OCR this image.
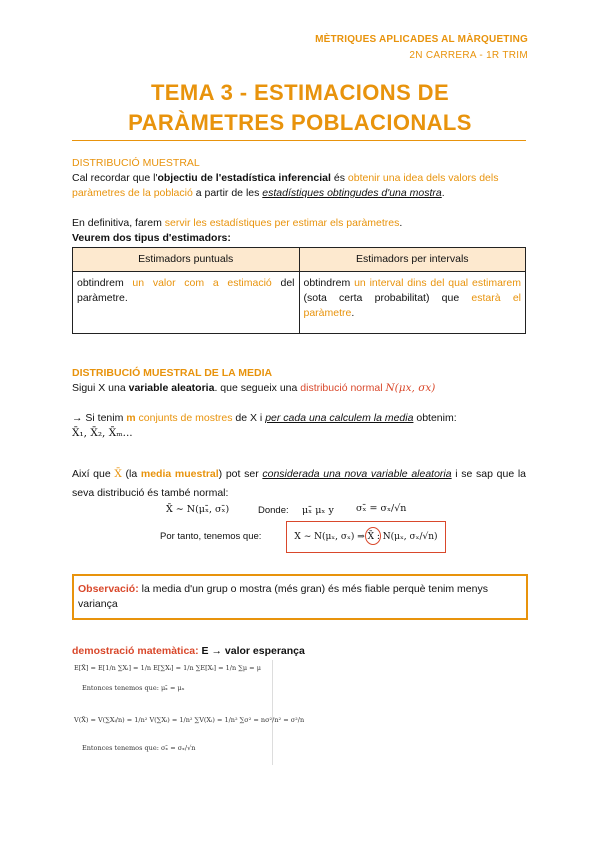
MÈTRIQUES APLICADES AL MÀRQUETING
2N CARRERA - 1R TRIM
TEMA 3 - ESTIMACIONS DE
PARÀMETRES POBLACIONALS
DISTRIBUCIÓ MUESTRAL
Cal recordar que l'objectiu de l'estadística inferencial és obtenir una idea dels valors dels paràmetres de la població a partir de les estadístiques obtingudes d'una mostra.
En definitiva, farem servir les estadístiques per estimar els paràmetres.
Veurem dos tipus d'estimadors:
Estimadors puntuals	Estimadors per intervals
obtindrem un valor com a estimació del paràmetre.	obtindrem un interval dins del qual estimarem (sota certa probabilitat) que estarà el paràmetre.
DISTRIBUCIÓ MUESTRAL DE LA MEDIA
Sigui X una variable aleatoria. que segueix una distribució normal N(μx, σx)
→ Si tenim m conjunts de mostres de X i per cada una calculem la media obtenim:
X̄₁, X̄₂, X̄ₘ...
Així que X̄ (la media muestral) pot ser considerada una nova variable aleatoria i se sap que la seva distribució és també normal:
X̄ ∼ N(μₓ̄, σₓ̄)	Donde: μₓ̄ μₓ y σₓ̄ = σₓ/√n
Por tanto, tenemos que:	X ∼ N(μₓ, σₓ) ⇒ X̄ : N(μₓ, σₓ/√n)
Observació: la media d'un grup o mostra (més gran) és més fiable perquè tenim menys variança
demostració matemàtica: E → valor esperança
E[X̄] = E[1/n ∑Xᵢ] = 1/n E[∑Xᵢ] = 1/n ∑E[Xᵢ] = 1/n ∑μ = μ
Entonces tenemos que: μₓ̄ = μₓ
V(X̄) = V(∑Xᵢ/n) = 1/n² V(∑Xᵢ) = 1/n² ∑V(Xᵢ) = 1/n² ∑σ² = nσ²/n² = σ²/n
Entonces tenemos que: σₓ̄ = σₓ/√n
